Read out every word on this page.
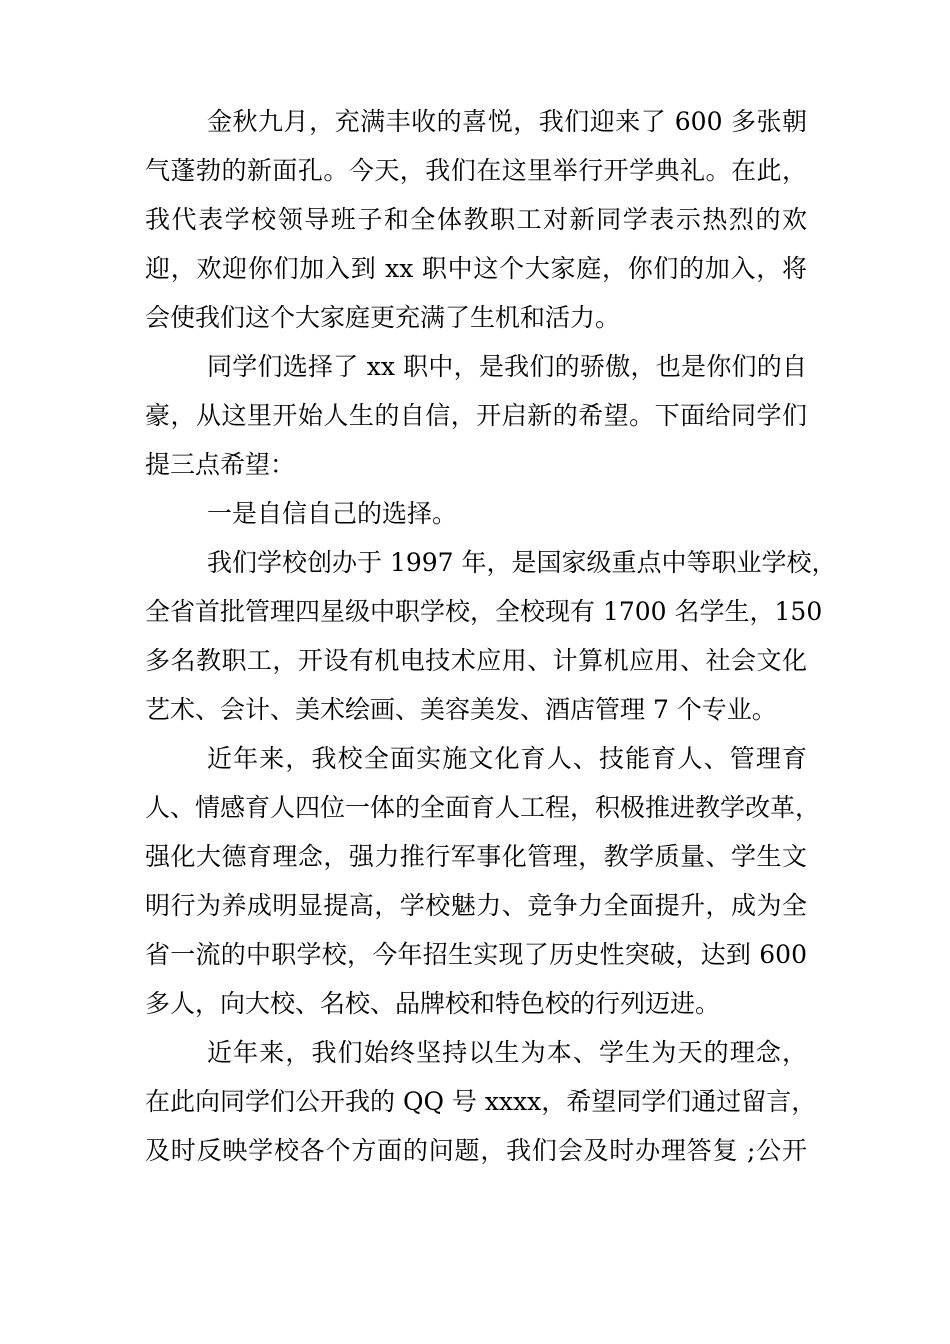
金秋九月，充满丰收的喜悦，我们迎来了 600 多张朝
气蓬勃的新面孔。今天，我们在这里举行开学典礼。在此，
我代表学校领导班子和全体教职工对新同学表示热烈的欢
迎，欢迎你们加入到 xx 职中这个大家庭，你们的加入，将
会使我们这个大家庭更充满了生机和活力。

同学们选择了 xx 职中，是我们的骄傲，也是你们的自
豪，从这里开始人生的自信，开启新的希望。下面给同学们
提三点希望：

一是自信自己的选择。

我们学校创办于 1997 年，是国家级重点中等职业学校，
全省首批管理四星级中职学校，全校现有 1700 名学生，150
多名教职工，开设有机电技术应用、计算机应用、社会文化
艺术、会计、美术绘画、美容美发、酒店管理 7 个专业。

近年来，我校全面实施文化育人、技能育人、管理育
人、情感育人四位一体的全面育人工程，积极推进教学改革，
强化大德育理念，强力推行军事化管理，教学质量、学生文
明行为养成明显提高，学校魅力、竞争力全面提升，成为全
省一流的中职学校，今年招生实现了历史性突破，达到 600
多人，向大校、名校、品牌校和特色校的行列迈进。

近年来，我们始终坚持以生为本、学生为天的理念，
在此向同学们公开我的 QQ 号 xxxx，希望同学们通过留言，
及时反映学校各个方面的问题，我们会及时办理答复 ;公开
